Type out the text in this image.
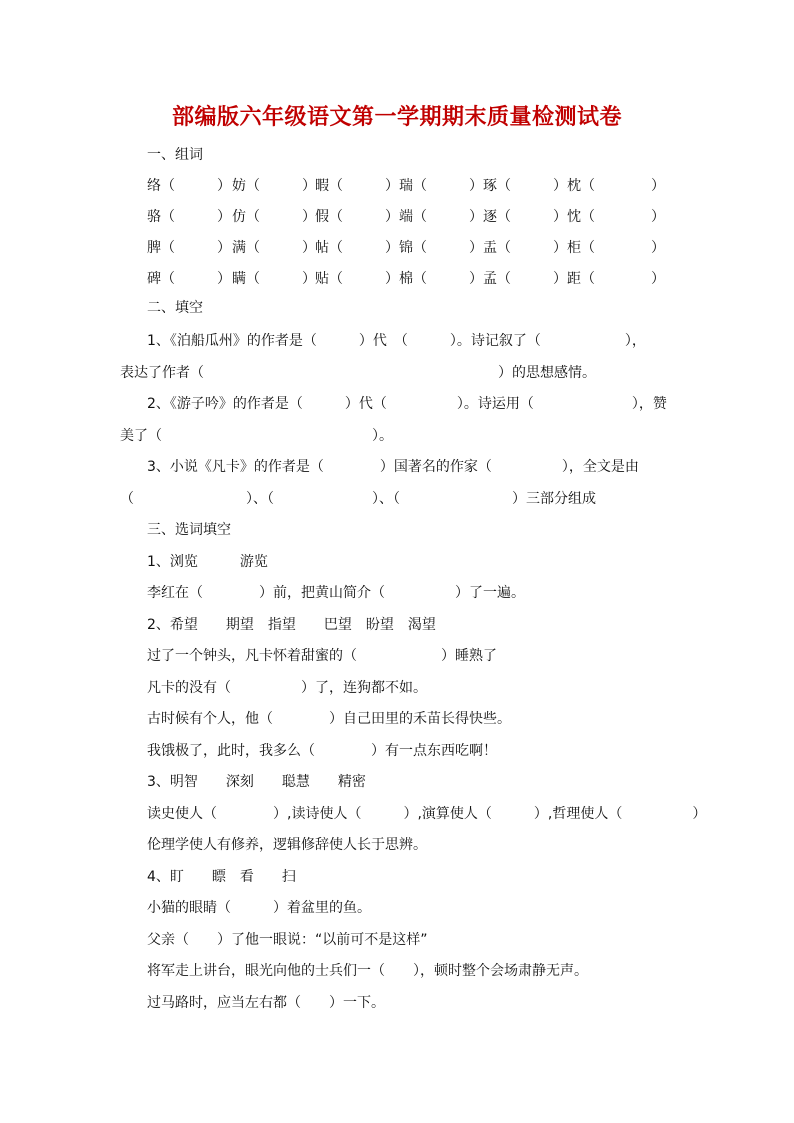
部编版六年级语文第一学期期末质量检测试卷
一、组词
络（　　　） 妨（　　　） 暇（　　　） 瑞（　　　） 琢（　　　） 枕（　　　　）
骆（　　　） 仿（　　　） 假（　　　） 端（　　　） 逐（　　　） 忱（　　　　）
脾（　　　） 满（　　　） 帖（　　　） 锦（　　　） 盂（　　　） 柜（　　　　）
碑（　　　） 瞒（　　　） 贴（　　　） 棉（　　　） 孟（　　　） 距（　　　　）
二、填空
1、《泊船瓜州》的作者是（　　　）代　（　　　）。诗记叙了（　　　　　　），
表达了作者（　　　　　　　　　　　　　　　　　　　　　）的思想感情。
2、《游子吟》的作者是（　　　）代（　　　　　）。诗运用（　　　　　　　），赞
美了（　　　　　　　　　　　　　　　）。
3、小说《凡卡》的作者是（　　　　）国著名的作家（　　　　　），全文是由
（　　　　　　　　）、（　　　　　　　）、（　　　　　　　　）三部分组成
三、选词填空
1、浏览　　　游览
李红在（　　　　）前，把黄山简介（　　　　　）了一遍。
2、希望　　期望　指望　　巴望　盼望　渴望
过了一个钟头，凡卡怀着甜蜜的（　　　　　　）睡熟了
凡卡的没有（　　　　　）了，连狗都不如。
古时候有个人，他（　　　　）自己田里的禾苗长得快些。
我饿极了，此时，我多么（　　　　）有一点东西吃啊！
3、明智　　深刻　　聪慧　　精密
读史使人（　　　　）,读诗使人（　　　）,演算使人（　　　）,哲理使人（　　　　　）
伦理学使人有修养，逻辑修辞使人长于思辨。
4、盯　　瞟　看　　扫
小猫的眼睛（　　　）着盆里的鱼。
父亲（　　）了他一眼说：“以前可不是这样”
将军走上讲台，眼光向他的士兵们一（　　），顿时整个会场肃静无声。
过马路时，应当左右都（　　）一下。
